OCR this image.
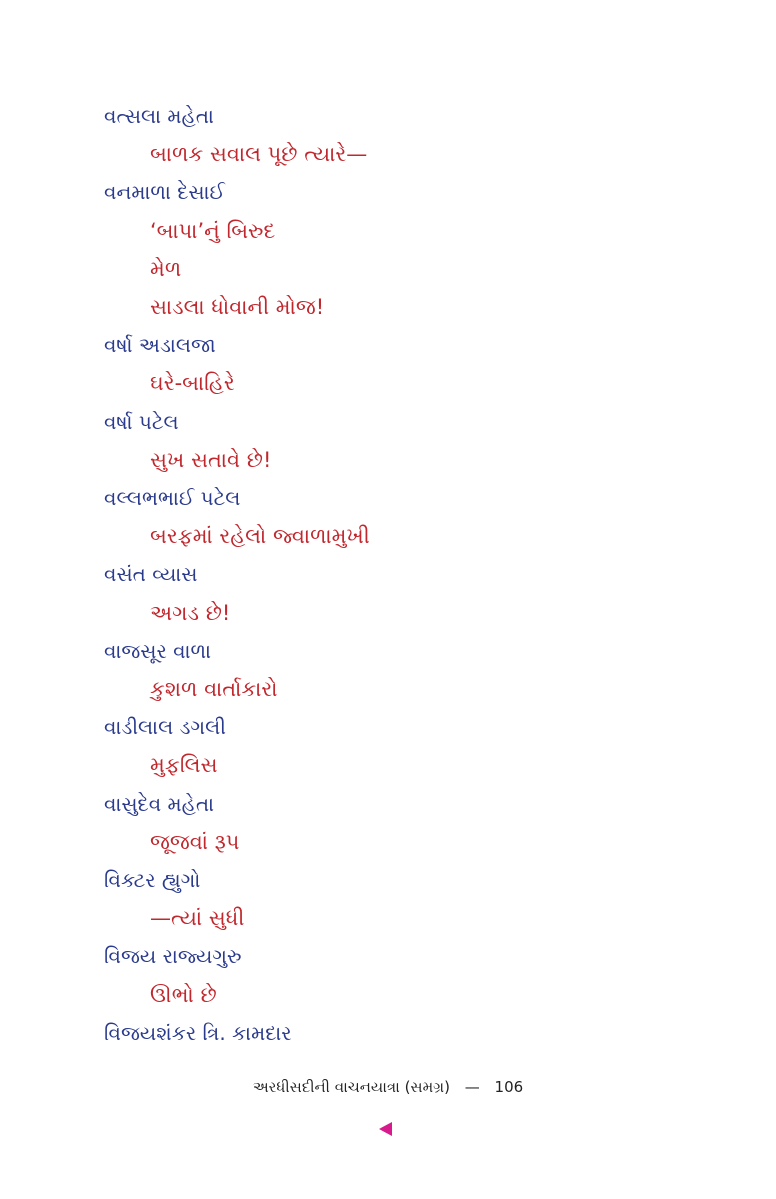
વત્સલા મહેતા
બાળક સવાલ પૂછે ત્યારે—
વનમાળા દેસાઈ
‘બાપા’નું બિરુદ
મેળ
સાડલા ધોવાની મોજ!
વર્ષા અડાલજા
ઘરે-બાહિરે
વર્ષા પટેલ
સુખ સતાવે છે!
વલ્લભભાઈ પટેલ
બરફમાં રહેલો જ્વાળામુખી
વસંત વ્યાસ
અગડ છે!
વાજસૂર વાળા
કુશળ વાર્તાકારો
વાડીલાલ ડગલી
મુફલિસ
વાસુદેવ મહેતા
જૂજવાં રૂપ
વિક્ટર હ્યુગો
—ત્યાં સુધી
વિજય રાજ્યગુરુ
ઊભો છે
વિજયશંકર ત્રિ. કામદાર
અરધીસદીની વાચનયાત્રા (સમગ્ર) — 106
